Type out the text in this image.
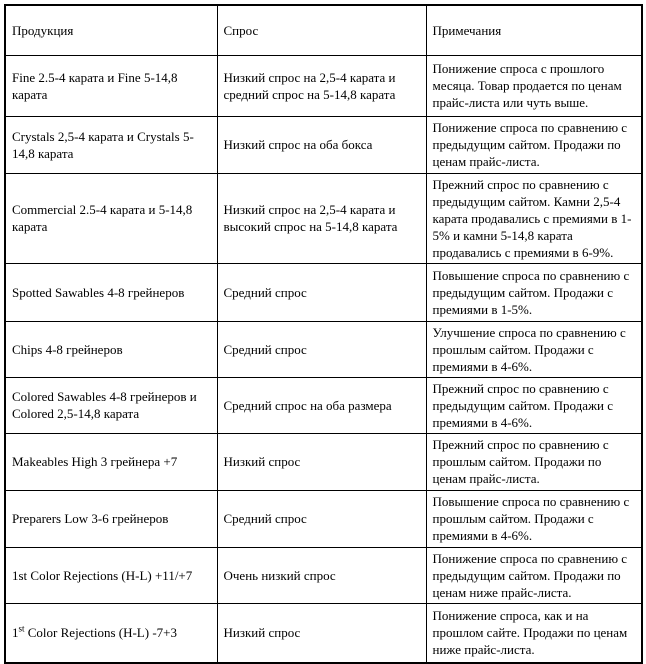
Продукция	Спрос	Примечания
Fine 2.5-4 карата и Fine 5-14,8 карата	Низкий спрос на 2,5-4 карата и средний спрос на 5-14,8 карата	Понижение спроса с прошлого месяца. Товар продается по ценам прайс-листа или чуть выше.
Crystals 2,5-4 карата и Crystals 5-14,8 карата	Низкий спрос на оба бокса	Понижение спроса по сравнению с предыдущим сайтом. Продажи по ценам прайс-листа.
Commercial 2.5-4 карата и 5-14,8 карата	Низкий спрос на 2,5-4 карата и высокий спрос на 5-14,8 карата	Прежний спрос по сравнению с предыдущим сайтом. Камни 2,5-4 карата продавались с премиями в 1-5% и камни 5-14,8 карата продавались с премиями в 6-9%.
Spotted Sawables 4-8 грейнеров	Средний спрос	Повышение спроса по сравнению с предыдущим сайтом. Продажи с премиями в 1-5%.
Chips 4-8 грейнеров	Средний спрос	Улучшение спроса по сравнению с прошлым сайтом. Продажи с премиями в 4-6%.
Colored Sawables 4-8 грейнеров и Colored 2,5-14,8 карата	Средний спрос на оба размера	Прежний спрос по сравнению с предыдущим сайтом. Продажи с премиями в 4-6%.
Makeables High 3 грейнера +7	Низкий спрос	Прежний спрос по сравнению с прошлым сайтом. Продажи по ценам прайс-листа.
Preparers Low 3-6 грейнеров	Средний спрос	Повышение спроса по сравнению с прошлым сайтом. Продажи с премиями в 4-6%.
1st Color Rejections (H-L) +11/+7	Очень низкий спрос	Понижение спроса по сравнению с предыдущим сайтом. Продажи по ценам ниже прайс-листа.
1st Color Rejections (H-L) -7+3	Низкий спрос	Понижение спроса, как и на прошлом сайте. Продажи по ценам ниже прайс-листа.
